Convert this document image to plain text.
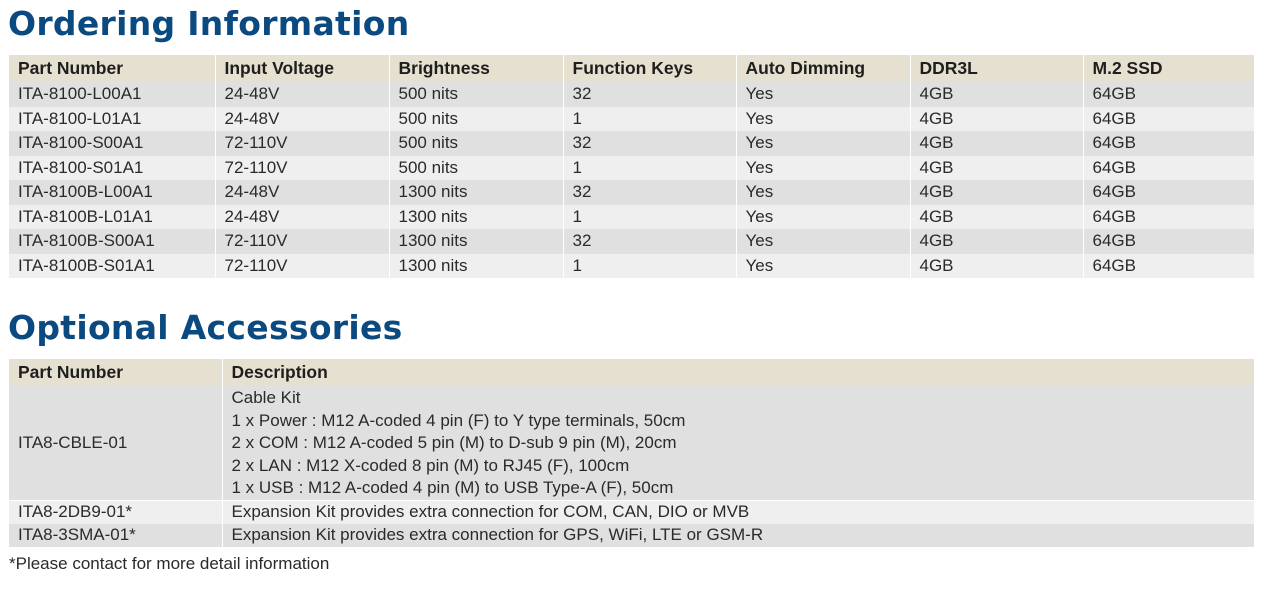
Ordering Information
Part Number	Input Voltage	Brightness	Function Keys	Auto Dimming	DDR3L	M.2 SSD
ITA-8100-L00A1	24-48V	500 nits	32	Yes	4GB	64GB
ITA-8100-L01A1	24-48V	500 nits	1	Yes	4GB	64GB
ITA-8100-S00A1	72-110V	500 nits	32	Yes	4GB	64GB
ITA-8100-S01A1	72-110V	500 nits	1	Yes	4GB	64GB
ITA-8100B-L00A1	24-48V	1300 nits	32	Yes	4GB	64GB
ITA-8100B-L01A1	24-48V	1300 nits	1	Yes	4GB	64GB
ITA-8100B-S00A1	72-110V	1300 nits	32	Yes	4GB	64GB
ITA-8100B-S01A1	72-110V	1300 nits	1	Yes	4GB	64GB
Optional Accessories
Part Number	Description
ITA8-CBLE-01	Cable Kit
1 x Power : M12 A-coded 4 pin (F) to Y type terminals, 50cm
2 x COM : M12 A-coded 5 pin (M) to D-sub 9 pin (M), 20cm
2 x LAN : M12 X-coded 8 pin (M) to RJ45 (F), 100cm
1 x USB : M12 A-coded 4 pin (M) to USB Type-A (F), 50cm

ITA8-2DB9-01*	Expansion Kit provides extra connection for COM, CAN, DIO or MVB

ITA8-3SMA-01*	Expansion Kit provides extra connection for GPS, WiFi, LTE or GSM-R
*Please contact for more detail information
